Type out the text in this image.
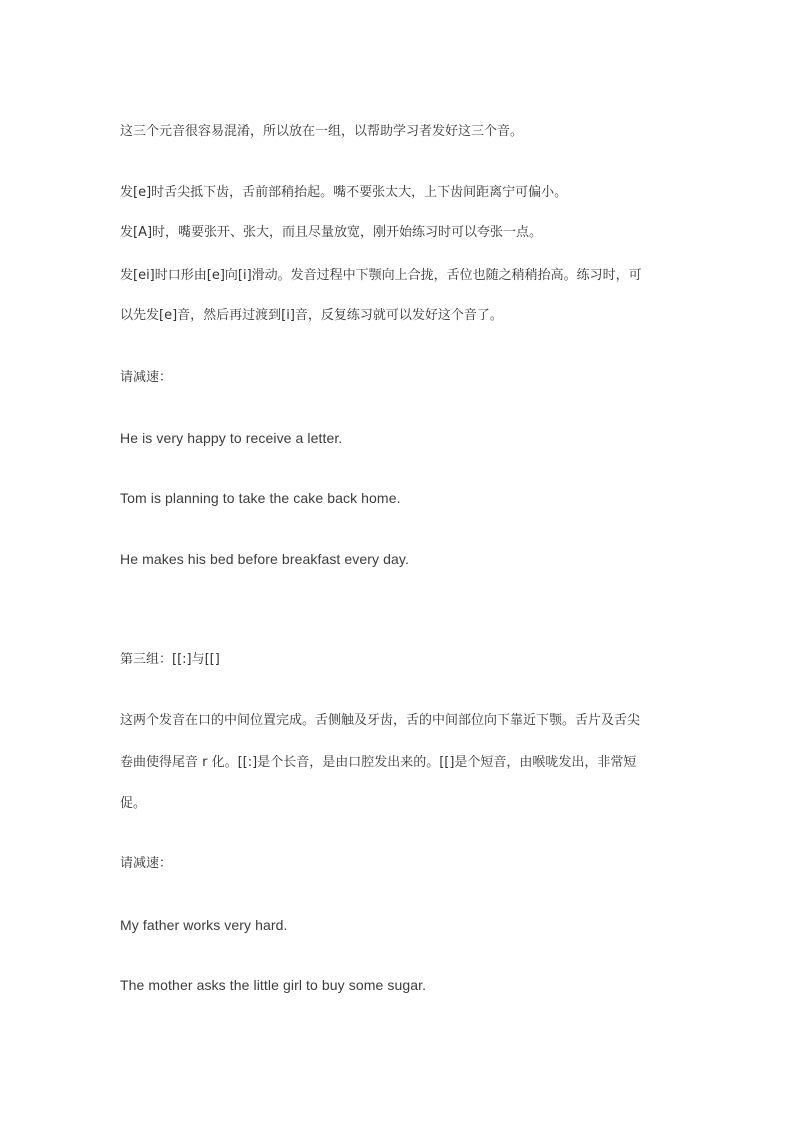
这三个元音很容易混淆，所以放在一组，以帮助学习者发好这三个音。

发[e]时舌尖抵下齿，舌前部稍抬起。嘴不要张太大，上下齿间距离宁可偏小。

发[A]时，嘴要张开、张大，而且尽量放宽，刚开始练习时可以夸张一点。

发[ei]时口形由[e]向[i]滑动。发音过程中下颚向上合拢，舌位也随之稍稍抬高。练习时，可

以先发[e]音，然后再过渡到[i]音，反复练习就可以发好这个音了。

请减速：

He is very happy to receive a letter.

Tom is planning to take the cake back home.

He makes his bed before breakfast every day.

第三组：[[:]与[[]

这两个发音在口的中间位置完成。舌侧触及牙齿，舌的中间部位向下靠近下颚。舌片及舌尖

卷曲使得尾音 r 化。[[:]是个长音，是由口腔发出来的。[[]是个短音，由喉咙发出，非常短

促。

请减速：

My father works very hard.

The mother asks the little girl to buy some sugar.
